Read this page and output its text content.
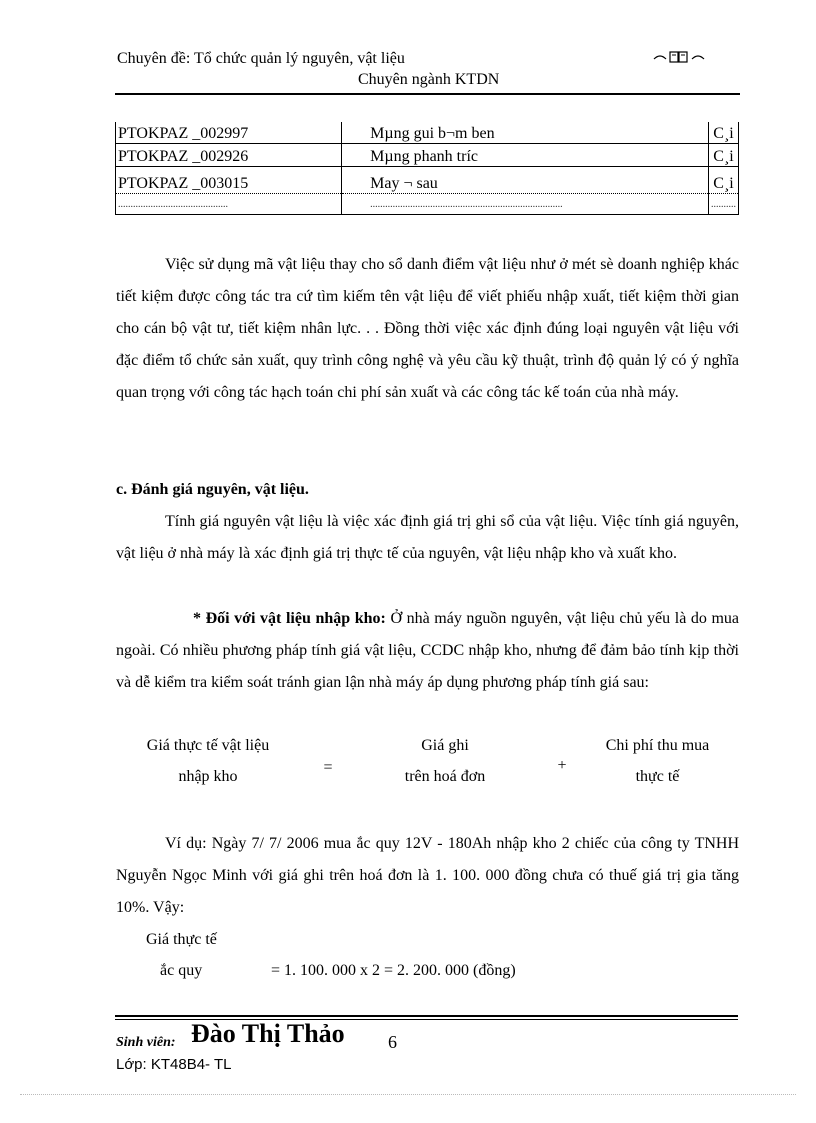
Chuyên đề: Tổ chức quản lý nguyên, vật liệu
Chuyên ngành KTDN
PTOKPAZ _002997	Mµng gui b¬m ben	C¸i
PTOKPAZ _002926	Mµng phanh tríc	C¸i
PTOKPAZ _003015	May ¬ sau	C¸i
............................................	.............................................................................	..........
Việc sử dụng mã vật liệu thay cho sổ danh điểm vật liệu như ở mét sè doanh nghiệp khác tiết kiệm được công tác tra cứ tìm kiếm tên vật liệu để viết phiếu nhập xuất, tiết kiệm thời gian cho cán bộ vật tư, tiết kiệm nhân lực. . . Đồng thời việc xác định đúng loại nguyên vật liệu với đặc điểm tổ chức sản xuất, quy trình công nghệ và yêu cầu kỹ thuật, trình độ quản lý có ý nghĩa quan trọng với công tác hạch toán chi phí sản xuất và các công tác kế toán của nhà máy.
c. Đánh giá nguyên, vật liệu.
Tính giá nguyên vật liệu là việc xác định giá trị ghi sổ của vật liệu. Việc tính giá nguyên, vật liệu ở nhà máy là xác định giá trị thực tế của nguyên, vật liệu nhập kho và xuất kho.
* Đối với vật liệu nhập kho: Ở nhà máy nguồn nguyên, vật liệu chủ yếu là do mua ngoài. Có nhiều phương pháp tính giá vật liệu, CCDC nhập kho, nhưng để đảm bảo tính kịp thời và dễ kiểm tra kiểm soát tránh gian lận nhà máy áp dụng phương pháp tính giá sau:
Giá thực tế vật liệu
nhập kho
=
Giá ghi
trên hoá đơn
+
Chi phí thu mua
thực tế
Ví dụ: Ngày 7/ 7/ 2006 mua ắc quy 12V - 180Ah nhập kho 2 chiếc của công ty TNHH Nguyễn Ngọc Minh với giá ghi trên hoá đơn là 1. 100. 000 đồng chưa có thuế giá trị gia tăng 10%. Vậy:
Giá thực tế
ắc quy	= 1. 100. 000 x 2 = 2. 200. 000 (đồng)
Sinh viên: Đào Thị Thảo 6
Lớp: KT48B4- TL
